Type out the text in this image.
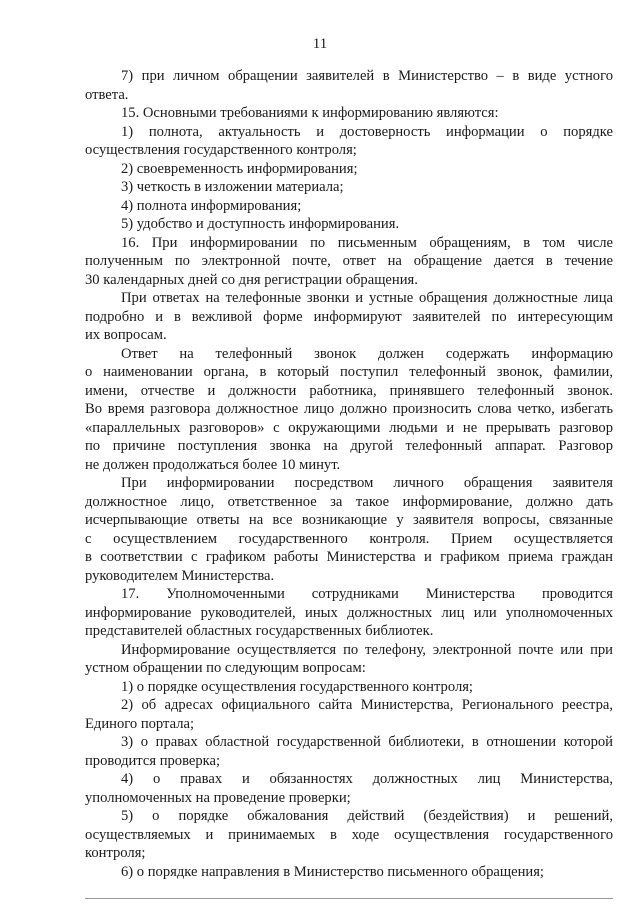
11
7) при личном обращении заявителей в Министерство – в виде устного
ответа.
15. Основными требованиями к информированию являются:
1) полнота, актуальность и достоверность информации о порядке
осуществления государственного контроля;
2) своевременность информирования;
3) четкость в изложении материала;
4) полнота информирования;
5) удобство и доступность информирования.
16. При информировании по письменным обращениям, в том числе
полученным по электронной почте, ответ на обращение дается в течение
30 календарных дней со дня регистрации обращения.
При ответах на телефонные звонки и устные обращения должностные лица
подробно и в вежливой форме информируют заявителей по интересующим
их вопросам.
Ответ на телефонный звонок должен содержать информацию
о наименовании органа, в который поступил телефонный звонок, фамилии,
имени, отчестве и должности работника, принявшего телефонный звонок.
Во время разговора должностное лицо должно произносить слова четко, избегать
«параллельных разговоров» с окружающими людьми и не прерывать разговор
по причине поступления звонка на другой телефонный аппарат. Разговор
не должен продолжаться более 10 минут.
При информировании посредством личного обращения заявителя
должностное лицо, ответственное за такое информирование, должно дать
исчерпывающие ответы на все возникающие у заявителя вопросы, связанные
с осуществлением государственного контроля. Прием осуществляется
в соответствии с графиком работы Министерства и графиком приема граждан
руководителем Министерства.
17. Уполномоченными сотрудниками Министерства проводится
информирование руководителей, иных должностных лиц или уполномоченных
представителей областных государственных библиотек.
Информирование осуществляется по телефону, электронной почте или при
устном обращении по следующим вопросам:
1) о порядке осуществления государственного контроля;
2) об адресах официального сайта Министерства, Регионального реестра,
Единого портала;
3) о правах областной государственной библиотеки, в отношении которой
проводится проверка;
4) о правах и обязанностях должностных лиц Министерства,
уполномоченных на проведение проверки;
5) о порядке обжалования действий (бездействия) и решений,
осуществляемых и принимаемых в ходе осуществления государственного
контроля;
6) о порядке направления в Министерство письменного обращения;
